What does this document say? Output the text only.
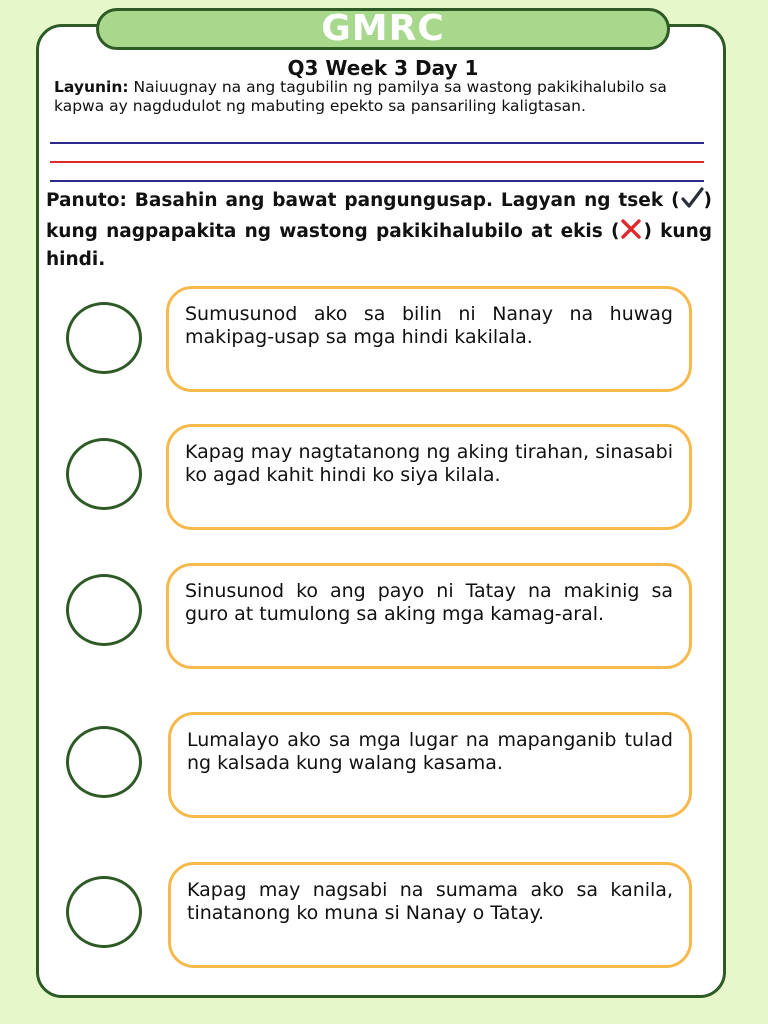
GMRC
Q3 Week 3 Day 1
Layunin: Naiuugnay na ang tagubilin ng pamilya sa wastong pakikihalubilo sa kapwa ay nagdudulot ng mabuting epekto sa pansariling kaligtasan.
Panuto: Basahin ang bawat pangungusap. Lagyan ng tsek ( ) kung nagpapakita ng wastong pakikihalubilo at ekis ( ) kung hindi.

Sumusunod ako sa bilin ni Nanay na huwag makipag-usap sa mga hindi kakilala.

Kapag may nagtatanong ng aking tirahan, sinasabi ko agad kahit hindi ko siya kilala.

Sinusunod ko ang payo ni Tatay na makinig sa guro at tumulong sa aking mga kamag-aral.

Lumalayo ako sa mga lugar na mapanganib tulad ng kalsada kung walang kasama.

Kapag may nagsabi na sumama ako sa kanila, tinatanong ko muna si Nanay o Tatay.
